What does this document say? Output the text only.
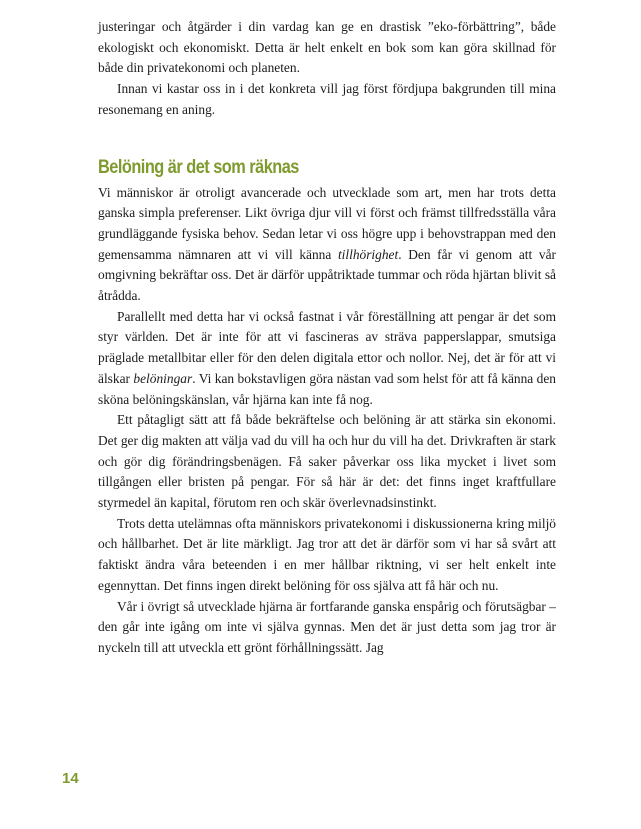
justeringar och åtgärder i din vardag kan ge en drastisk ”eko-förbättring”, både ekologiskt och ekonomiskt. Detta är helt enkelt en bok som kan göra skillnad för både din privatekonomi och planeten.

Innan vi kastar oss in i det konkreta vill jag först fördjupa bakgrunden till mina resonemang en aning.

Belöning är det som räknas

Vi människor är otroligt avancerade och utvecklade som art, men har trots detta ganska simpla preferenser. Likt övriga djur vill vi först och främst tillfredsställa våra grundläggande fysiska behov. Sedan letar vi oss högre upp i behovstrappan med den gemensamma nämnaren att vi vill känna tillhörighet. Den får vi genom att vår omgivning bekräftar oss. Det är därför uppåtriktade tummar och röda hjärtan blivit så åtrådda.

Parallellt med detta har vi också fastnat i vår föreställning att pengar är det som styr världen. Det är inte för att vi fascineras av sträva papperslappar, smutsiga präglade metallbitar eller för den delen digitala ettor och nollor. Nej, det är för att vi älskar belöningar. Vi kan bokstavligen göra nästan vad som helst för att få känna den sköna belöningskänslan, vår hjärna kan inte få nog.

Ett påtagligt sätt att få både bekräftelse och belöning är att stärka sin ekonomi. Det ger dig makten att välja vad du vill ha och hur du vill ha det. Drivkraften är stark och gör dig förändringsbenägen. Få saker påverkar oss lika mycket i livet som tillgången eller bristen på pengar. För så här är det: det finns inget kraftfullare styrmedel än kapital, förutom ren och skär överlevnadsinstinkt.

Trots detta utelämnas ofta människors privatekonomi i diskussionerna kring miljö och hållbarhet. Det är lite märkligt. Jag tror att det är därför som vi har så svårt att faktiskt ändra våra beteenden i en mer hållbar riktning, vi ser helt enkelt inte egennyttan. Det finns ingen direkt belöning för oss själva att få här och nu.

Vår i övrigt så utvecklade hjärna är fortfarande ganska enspårig och förutsägbar – den går inte igång om inte vi själva gynnas. Men det är just detta som jag tror är nyckeln till att utveckla ett grönt förhållningssätt. Jag

14
